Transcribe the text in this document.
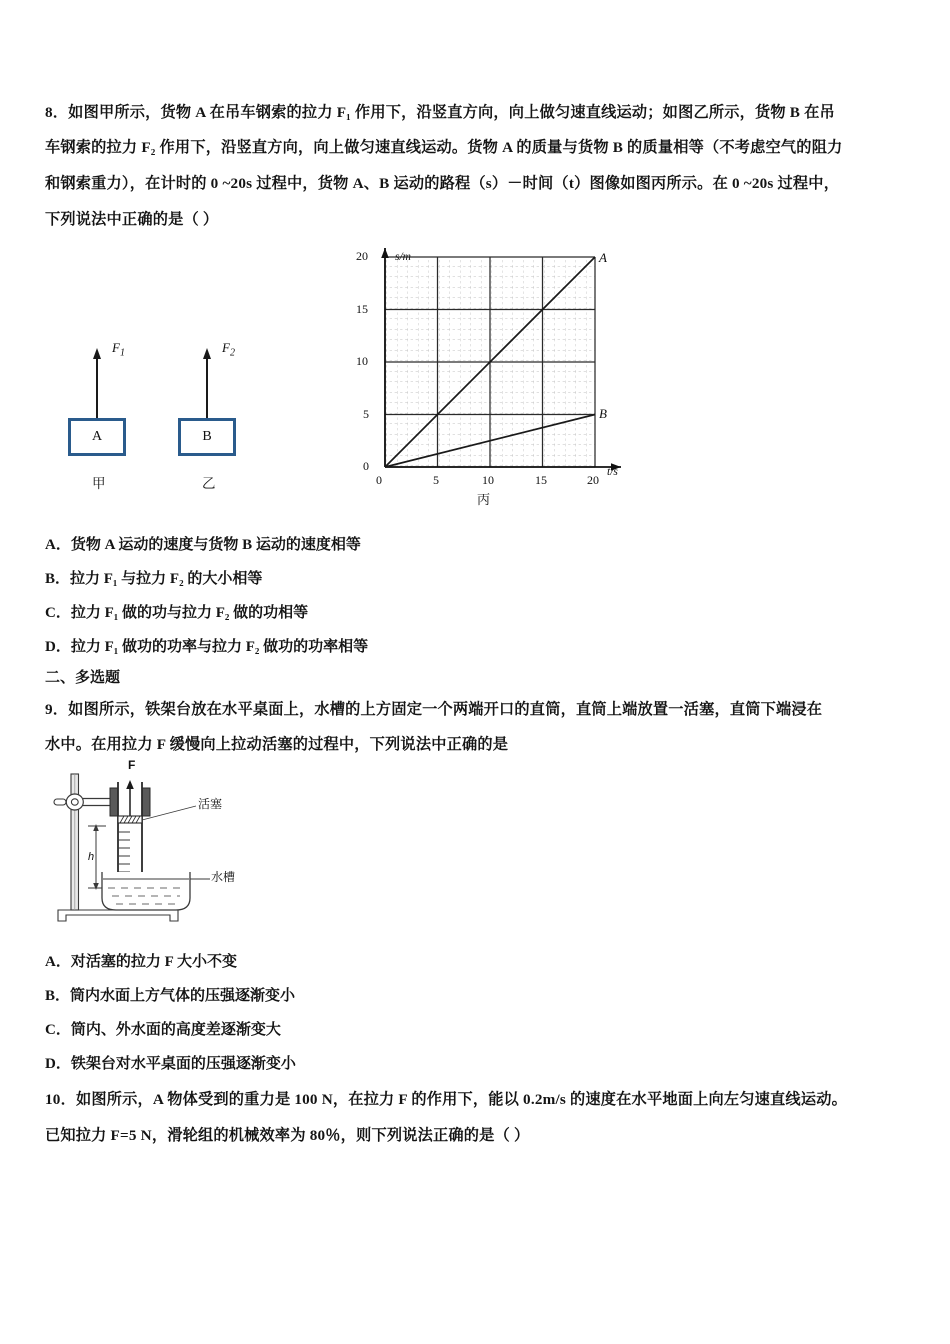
8．如图甲所示，货物 A 在吊车钢索的拉力 F₁ 作用下，沿竖直方向，向上做匀速直线运动；如图乙所示，货物 B 在吊
车钢索的拉力 F₂ 作用下，沿竖直方向，向上做匀速直线运动。货物 A 的质量与货物 B 的质量相等（不考虑空气的阻力
和钢索重力），在计时的 0 ~20s 过程中，货物 A、B 运动的路程（s）－时间（t）图像如图丙所示。在 0 ~20s 过程中，
下列说法中正确的是（ ）
$F_1$
A
甲
$F_2$
B
乙
s/m
t/s
0
5
10
15
20
0	5	10	15	20
A
B
丙
A．货物 A 运动的速度与货物 B 运动的速度相等
B．拉力 F₁ 与拉力 F₂ 的大小相等
C．拉力 F₁ 做的功与拉力 F₂ 做的功相等
D．拉力 F₁ 做功的功率与拉力 F₂ 做功的功率相等
二、多选题
9．如图所示，铁架台放在水平桌面上，水槽的上方固定一个两端开口的直筒，直筒上端放置一活塞，直筒下端浸在
水中。在用拉力 F 缓慢向上拉动活塞的过程中，下列说法中正确的是
F
活塞
水槽
h
A．对活塞的拉力 F 大小不变
B．筒内水面上方气体的压强逐渐变小
C．筒内、外水面的高度差逐渐变大
D．铁架台对水平桌面的压强逐渐变小
10．如图所示，A 物体受到的重力是 100 N，在拉力 F 的作用下，能以 0.2m/s 的速度在水平地面上向左匀速直线运动。
已知拉力 F=5 N，滑轮组的机械效率为 80％，则下列说法正确的是（ ）
